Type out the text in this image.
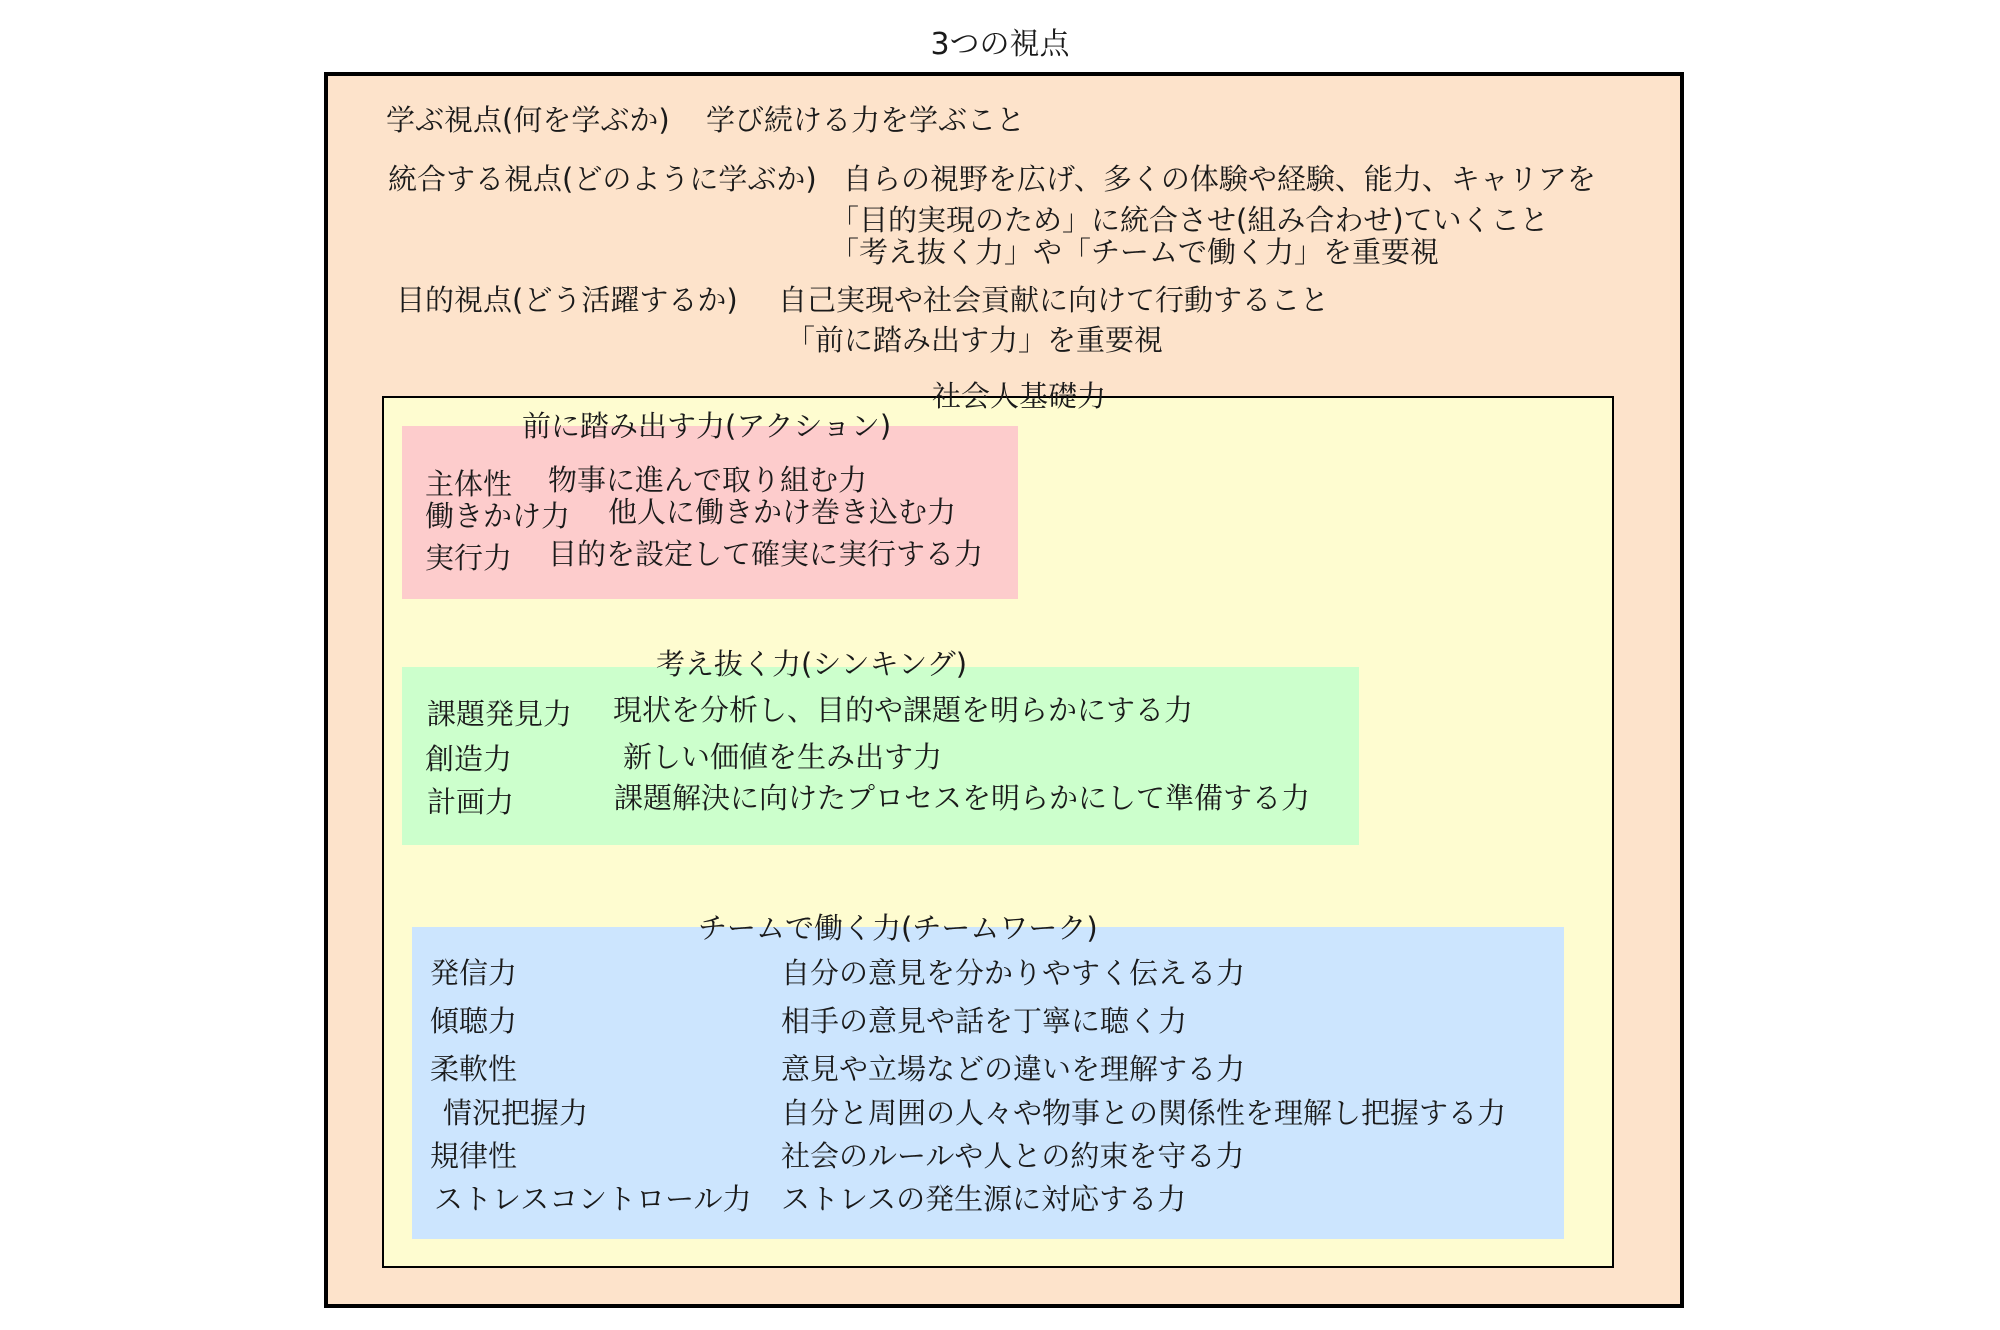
3つの視点
学ぶ視点(何を学ぶか) 学び続ける力を学ぶこと
統合する視点(どのように学ぶか) 自らの視野を広げ、多くの体験や経験、能力、キャリアを
「目的実現のため」に統合させ(組み合わせ)ていくこと
「考え抜く力」や「チームで働く力」を重要視
目的視点(どう活躍するか) 自己実現や社会貢献に向けて行動すること
「前に踏み出す力」を重要視
社会人基礎力
前に踏み出す力(アクション)
主体性 物事に進んで取り組む力
働きかけ力 他人に働きかけ巻き込む力
実行力 目的を設定して確実に実行する力
考え抜く力(シンキング)
課題発見力 現状を分析し、目的や課題を明らかにする力
創造力	新しい価値を生み出す力
計画力	課題解決に向けたプロセスを明らかにして準備する力
チームで働く力(チームワーク)
発信力	自分の意見を分かりやすく伝える力
傾聴力	相手の意見や話を丁寧に聴く力
柔軟性	意見や立場などの違いを理解する力
情況把握力	自分と周囲の人々や物事との関係性を理解し把握する力
規律性	社会のルールや人との約束を守る力
ストレスコントロール力 ストレスの発生源に対応する力
